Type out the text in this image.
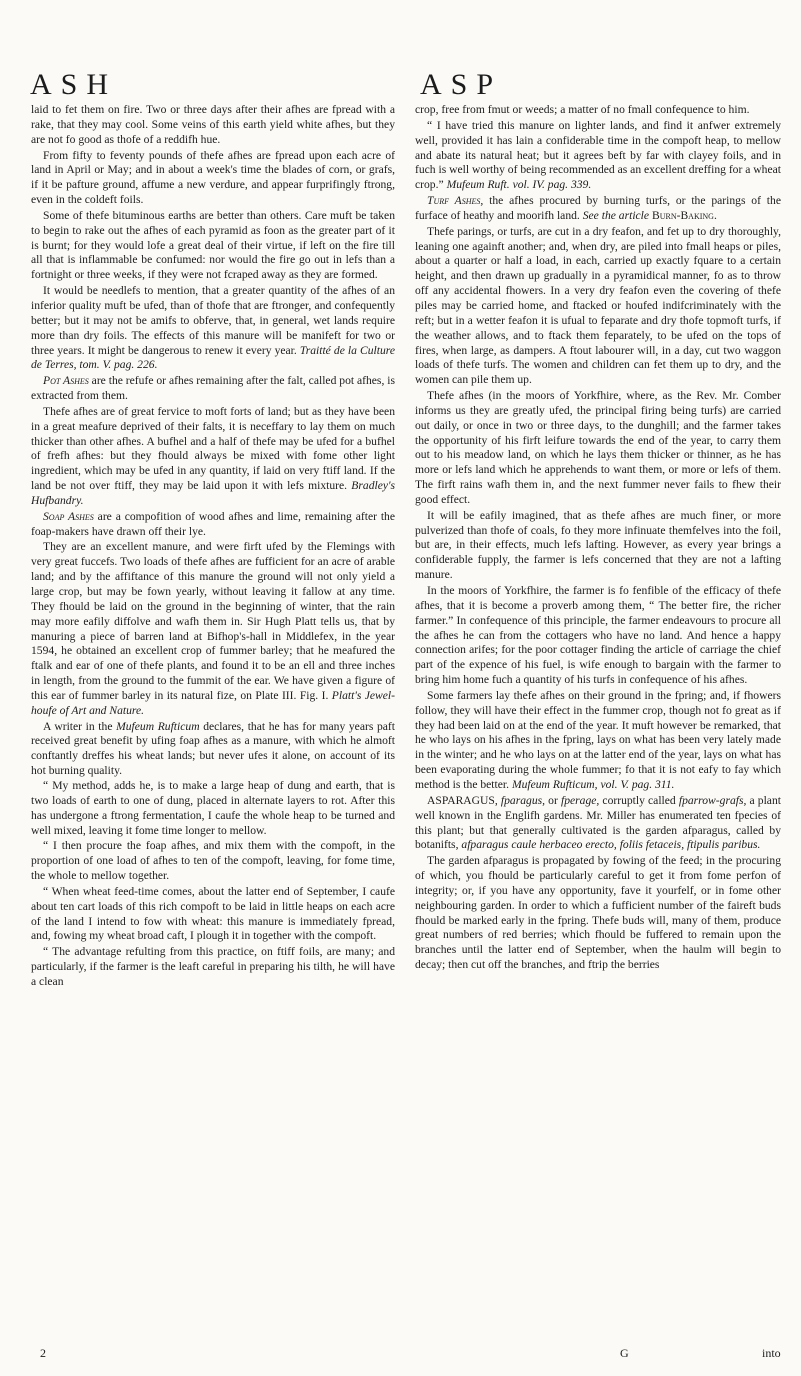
ASH	ASP

laid to fet them on fire. Two or three days after their afhes are fpread with a rake, that they may cool. Some veins of this earth yield white afhes, but they are not fo good as thofe of a reddifh hue.

From fifty to feventy pounds of thefe afhes are fpread upon each acre of land in April or May; and in about a week's time the blades of corn, or grafs, if it be pafture ground, affume a new verdure, and appear furprifingly ftrong, even in the coldeft foils.

Some of thefe bituminous earths are better than others. Care muft be taken to begin to rake out the afhes of each pyramid as foon as the greater part of it is burnt; for they would lofe a great deal of their virtue, if left on the fire till all that is inflammable be confumed: nor would the fire go out in lefs than a fortnight or three weeks, if they were not fcraped away as they are formed.

It would be needlefs to mention, that a greater quantity of the afhes of an inferior quality muft be ufed, than of thofe that are ftronger, and confequently better; but it may not be amifs to obferve, that, in general, wet lands require more than dry foils. The effects of this manure will be manifeft for two or three years. It might be dangerous to renew it every year. Traitté de la Culture de Terres, tom. V. pag. 226.

Pot Ashes are the refufe or afhes remaining after the falt, called pot afhes, is extracted from them.

Thefe afhes are of great fervice to moft forts of land; but as they have been in a great meafure deprived of their falts, it is neceffary to lay them on much thicker than other afhes. A bufhel and a half of thefe may be ufed for a bufhel of frefh afhes: but they fhould always be mixed with fome other light ingredient, which may be ufed in any quantity, if laid on very ftiff land. If the land be not over ftiff, they may be laid upon it with lefs mixture. Bradley's Hufbandry.

Soap Ashes are a compofition of wood afhes and lime, remaining after the foap-makers have drawn off their lye.

They are an excellent manure, and were firft ufed by the Flemings with very great fuccefs. Two loads of thefe afhes are fufficient for an acre of arable land; and by the affiftance of this manure the ground will not only yield a large crop, but may be fown yearly, without leaving it fallow at any time. They fhould be laid on the ground in the beginning of winter, that the rain may more eafily diffolve and wafh them in. Sir Hugh Platt tells us, that by manuring a piece of barren land at Bifhop's-hall in Middlefex, in the year 1594, he obtained an excellent crop of fummer barley; that he meafured the ftalk and ear of one of thefe plants, and found it to be an ell and three inches in length, from the ground to the fummit of the ear. We have given a figure of this ear of fummer barley in its natural fize, on Plate III. Fig. I. Platt's Jewel-houfe of Art and Nature.

A writer in the Mufeum Rufticum declares, that he has for many years paft received great benefit by ufing foap afhes as a manure, with which he almoft conftantly dreffes his wheat lands; but never ufes it alone, on account of its hot burning quality.

“ My method, adds he, is to make a large heap of dung and earth, that is two loads of earth to one of dung, placed in alternate layers to rot. After this has undergone a ftrong fermentation, I caufe the whole heap to be turned and well mixed, leaving it fome time longer to mellow.

“ I then procure the foap afhes, and mix them with the compoft, in the proportion of one load of afhes to ten of the compoft, leaving, for fome time, the whole to mellow together.

“ When wheat feed-time comes, about the latter end of September, I caufe about ten cart loads of this rich compoft to be laid in little heaps on each acre of the land I intend to fow with wheat: this manure is immediately fpread, and, fowing my wheat broad caft, I plough it in together with the compoft.

“ The advantage refulting from this practice, on ftiff foils, are many; and particularly, if the farmer is the leaft careful in preparing his tilth, he will have a clean

crop, free from fmut or weeds; a matter of no fmall confequence to him.

“ I have tried this manure on lighter lands, and find it anfwer extremely well, provided it has lain a confiderable time in the compoft heap, to mellow and abate its natural heat; but it agrees beft by far with clayey foils, and in fuch is well worthy of being recommended as an excellent dreffing for a wheat crop.” Mufeum Ruft. vol. IV. pag. 339.

Turf Ashes, the afhes procured by burning turfs, or the parings of the furface of heathy and moorifh land. See the article Burn-Baking.

Thefe parings, or turfs, are cut in a dry feafon, and fet up to dry thoroughly, leaning one againft another; and, when dry, are piled into fmall heaps or piles, about a quarter or half a load, in each, carried up exactly fquare to a certain height, and then drawn up gradually in a pyramidical manner, fo as to throw off any accidental fhowers. In a very dry feafon even the covering of thefe piles may be carried home, and ftacked or houfed indifcriminately with the reft; but in a wetter feafon it is ufual to feparate and dry thofe topmoft turfs, if the weather allows, and to ftack them feparately, to be ufed on the tops of fires, when large, as dampers. A ftout labourer will, in a day, cut two waggon loads of thefe turfs. The women and children can fet them up to dry, and the women can pile them up.

Thefe afhes (in the moors of Yorkfhire, where, as the Rev. Mr. Comber informs us they are greatly ufed, the principal firing being turfs) are carried out daily, or once in two or three days, to the dunghill; and the farmer takes the opportunity of his firft leifure towards the end of the year, to carry them out to his meadow land, on which he lays them thicker or thinner, as he has more or lefs land which he apprehends to want them, or more or lefs of them. The firft rains wafh them in, and the next fummer never fails to fhew their good effect.

It will be eafily imagined, that as thefe afhes are much finer, or more pulverized than thofe of coals, fo they more infinuate themfelves into the foil, but are, in their effects, much lefs lafting. However, as every year brings a confiderable fupply, the farmer is lefs concerned that they are not a lafting manure.

In the moors of Yorkfhire, the farmer is fo fenfible of the efficacy of thefe afhes, that it is become a proverb among them, “ The better fire, the richer farmer.” In confequence of this principle, the farmer endeavours to procure all the afhes he can from the cottagers who have no land. And hence a happy connection arifes; for the poor cottager finding the article of carriage the chief part of the expence of his fuel, is wife enough to bargain with the farmer to bring him home fuch a quantity of his turfs in confequence of his afhes.

Some farmers lay thefe afhes on their ground in the fpring; and, if fhowers follow, they will have their effect in the fummer crop, though not fo great as if they had been laid on at the end of the year. It muft however be remarked, that he who lays on his afhes in the fpring, lays on what has been very lately made in the winter; and he who lays on at the latter end of the year, lays on what has been evaporating during the whole fummer; fo that it is not eafy to fay which method is the better. Mufeum Rufticum, vol. V. pag. 311.

ASPARAGUS, fparagus, or fperage, corruptly called fparrow-grafs, a plant well known in the Englifh gardens. Mr. Miller has enumerated ten fpecies of this plant; but that generally cultivated is the garden afparagus, called by botanifts, afparagus caule herbaceo erecto, foliis fetaceis, ftipulis paribus.

The garden afparagus is propagated by fowing of the feed; in the procuring of which, you fhould be particularly careful to get it from fome perfon of integrity; or, if you have any opportunity, fave it yourfelf, or in fome other neighbouring garden. In order to which a fufficient number of the faireft buds fhould be marked early in the fpring. Thefe buds will, many of them, produce great numbers of red berries; which fhould be fuffered to remain upon the branches until the latter end of September, when the haulm will begin to decay; then cut off the branches, and ftrip the berries

2	G	into
